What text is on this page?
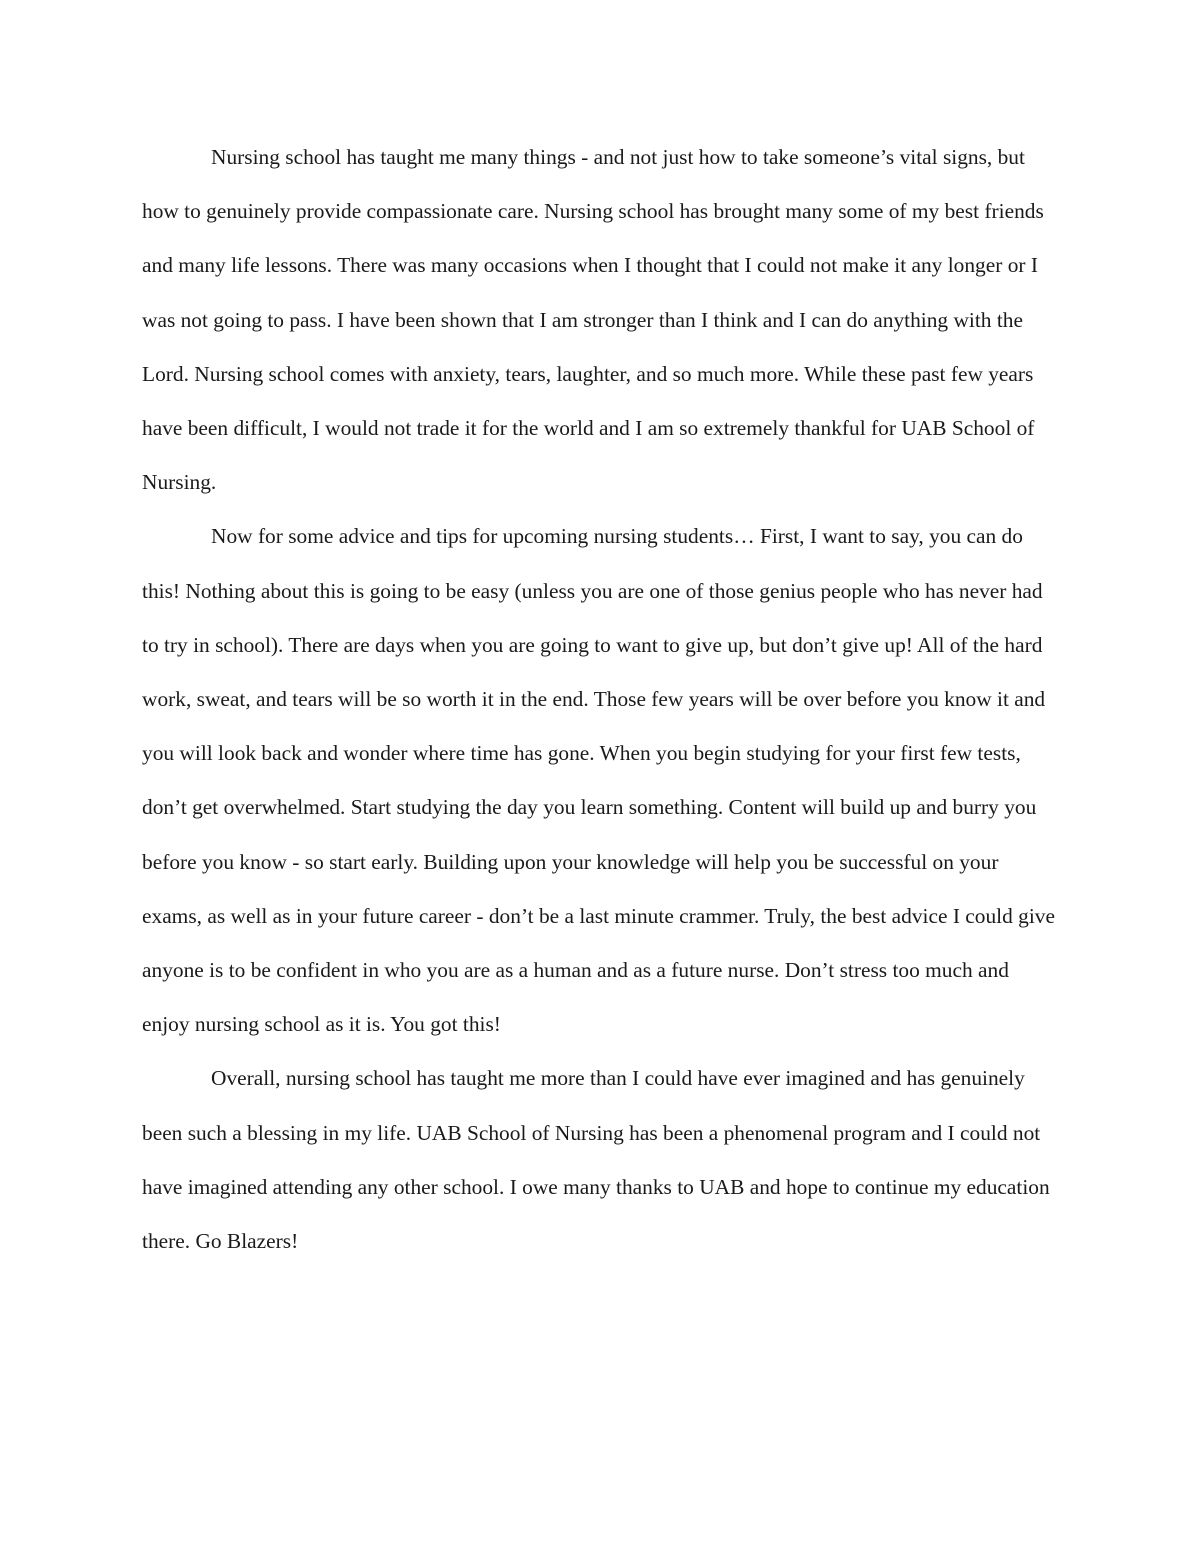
Nursing school has taught me many things - and not just how to take someone’s vital signs, but how to genuinely provide compassionate care. Nursing school has brought many some of my best friends and many life lessons. There was many occasions when I thought that I could not make it any longer or I was not going to pass. I have been shown that I am stronger than I think and I can do anything with the Lord. Nursing school comes with anxiety, tears, laughter, and so much more. While these past few years have been difficult, I would not trade it for the world and I am so extremely thankful for UAB School of Nursing.

Now for some advice and tips for upcoming nursing students… First, I want to say, you can do this! Nothing about this is going to be easy (unless you are one of those genius people who has never had to try in school). There are days when you are going to want to give up, but don’t give up! All of the hard work, sweat, and tears will be so worth it in the end. Those few years will be over before you know it and you will look back and wonder where time has gone. When you begin studying for your first few tests, don’t get overwhelmed. Start studying the day you learn something. Content will build up and burry you before you know - so start early. Building upon your knowledge will help you be successful on your exams, as well as in your future career - don’t be a last minute crammer. Truly, the best advice I could give anyone is to be confident in who you are as a human and as a future nurse. Don’t stress too much and enjoy nursing school as it is. You got this!

Overall, nursing school has taught me more than I could have ever imagined and has genuinely been such a blessing in my life. UAB School of Nursing has been a phenomenal program and I could not have imagined attending any other school. I owe many thanks to UAB and hope to continue my education there. Go Blazers!
